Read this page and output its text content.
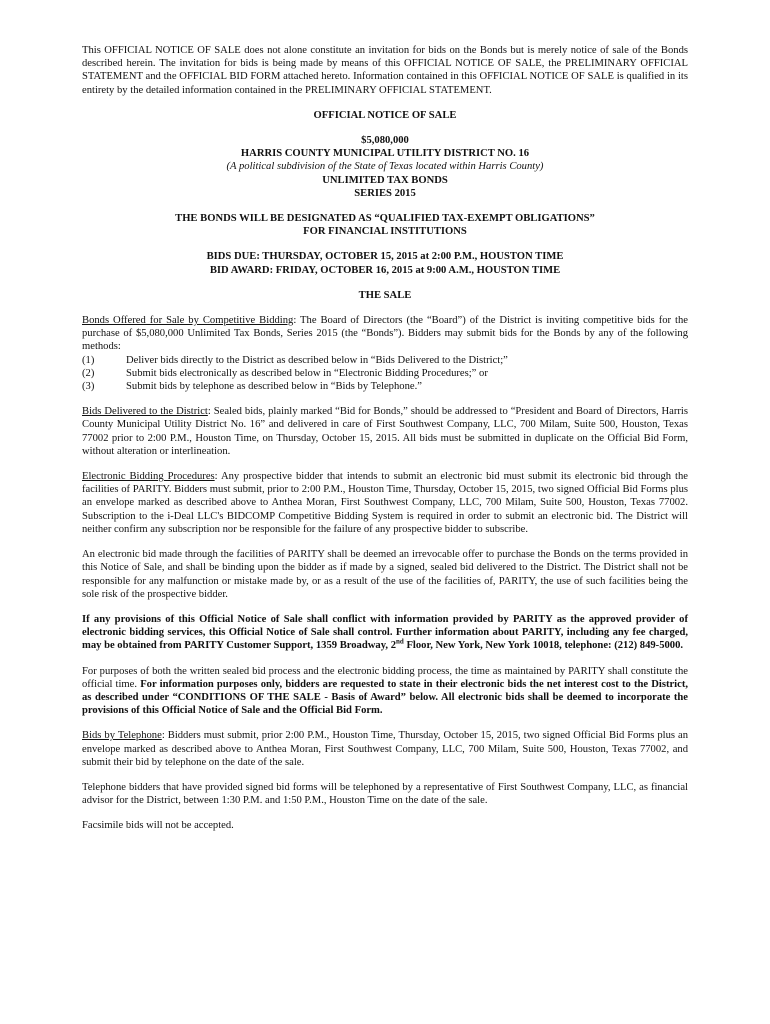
This OFFICIAL NOTICE OF SALE does not alone constitute an invitation for bids on the Bonds but is merely notice of sale of the Bonds described herein. The invitation for bids is being made by means of this OFFICIAL NOTICE OF SALE, the PRELIMINARY OFFICIAL STATEMENT and the OFFICIAL BID FORM attached hereto. Information contained in this OFFICIAL NOTICE OF SALE is qualified in its entirety by the detailed information contained in the PRELIMINARY OFFICIAL STATEMENT.

OFFICIAL NOTICE OF SALE

$5,080,000

HARRIS COUNTY MUNICIPAL UTILITY DISTRICT NO. 16

(A political subdivision of the State of Texas located within Harris County)

UNLIMITED TAX BONDS

SERIES 2015

THE BONDS WILL BE DESIGNATED AS “QUALIFIED TAX-EXEMPT OBLIGATIONS”

FOR FINANCIAL INSTITUTIONS

BIDS DUE: THURSDAY, OCTOBER 15, 2015 at 2:00 P.M., HOUSTON TIME

BID AWARD: FRIDAY, OCTOBER 16, 2015 at 9:00 A.M., HOUSTON TIME

THE SALE

Bonds Offered for Sale by Competitive Bidding: The Board of Directors (the “Board”) of the District is inviting competitive bids for the purchase of $5,080,000 Unlimited Tax Bonds, Series 2015 (the “Bonds”). Bidders may submit bids for the Bonds by any of the following methods:

(1)	Deliver bids directly to the District as described below in “Bids Delivered to the District;”
(2)	Submit bids electronically as described below in “Electronic Bidding Procedures;” or
(3)	Submit bids by telephone as described below in “Bids by Telephone.”

Bids Delivered to the District: Sealed bids, plainly marked “Bid for Bonds,” should be addressed to “President and Board of Directors, Harris County Municipal Utility District No. 16” and delivered in care of First Southwest Company, LLC, 700 Milam, Suite 500, Houston, Texas 77002 prior to 2:00 P.M., Houston Time, on Thursday, October 15, 2015. All bids must be submitted in duplicate on the Official Bid Form, without alteration or interlineation.

Electronic Bidding Procedures: Any prospective bidder that intends to submit an electronic bid must submit its electronic bid through the facilities of PARITY. Bidders must submit, prior to 2:00 P.M., Houston Time, Thursday, October 15, 2015, two signed Official Bid Forms plus an envelope marked as described above to Anthea Moran, First Southwest Company, LLC, 700 Milam, Suite 500, Houston, Texas 77002. Subscription to the i-Deal LLC's BIDCOMP Competitive Bidding System is required in order to submit an electronic bid. The District will neither confirm any subscription nor be responsible for the failure of any prospective bidder to subscribe.

An electronic bid made through the facilities of PARITY shall be deemed an irrevocable offer to purchase the Bonds on the terms provided in this Notice of Sale, and shall be binding upon the bidder as if made by a signed, sealed bid delivered to the District. The District shall not be responsible for any malfunction or mistake made by, or as a result of the use of the facilities of, PARITY, the use of such facilities being the sole risk of the prospective bidder.

If any provisions of this Official Notice of Sale shall conflict with information provided by PARITY as the approved provider of electronic bidding services, this Official Notice of Sale shall control. Further information about PARITY, including any fee charged, may be obtained from PARITY Customer Support, 1359 Broadway, 2nd Floor, New York, New York 10018, telephone: (212) 849-5000.

For purposes of both the written sealed bid process and the electronic bidding process, the time as maintained by PARITY shall constitute the official time. For information purposes only, bidders are requested to state in their electronic bids the net interest cost to the District, as described under “CONDITIONS OF THE SALE - Basis of Award” below. All electronic bids shall be deemed to incorporate the provisions of this Official Notice of Sale and the Official Bid Form.

Bids by Telephone: Bidders must submit, prior 2:00 P.M., Houston Time, Thursday, October 15, 2015, two signed Official Bid Forms plus an envelope marked as described above to Anthea Moran, First Southwest Company, LLC, 700 Milam, Suite 500, Houston, Texas 77002, and submit their bid by telephone on the date of the sale.

Telephone bidders that have provided signed bid forms will be telephoned by a representative of First Southwest Company, LLC, as financial advisor for the District, between 1:30 P.M. and 1:50 P.M., Houston Time on the date of the sale.

Facsimile bids will not be accepted.
